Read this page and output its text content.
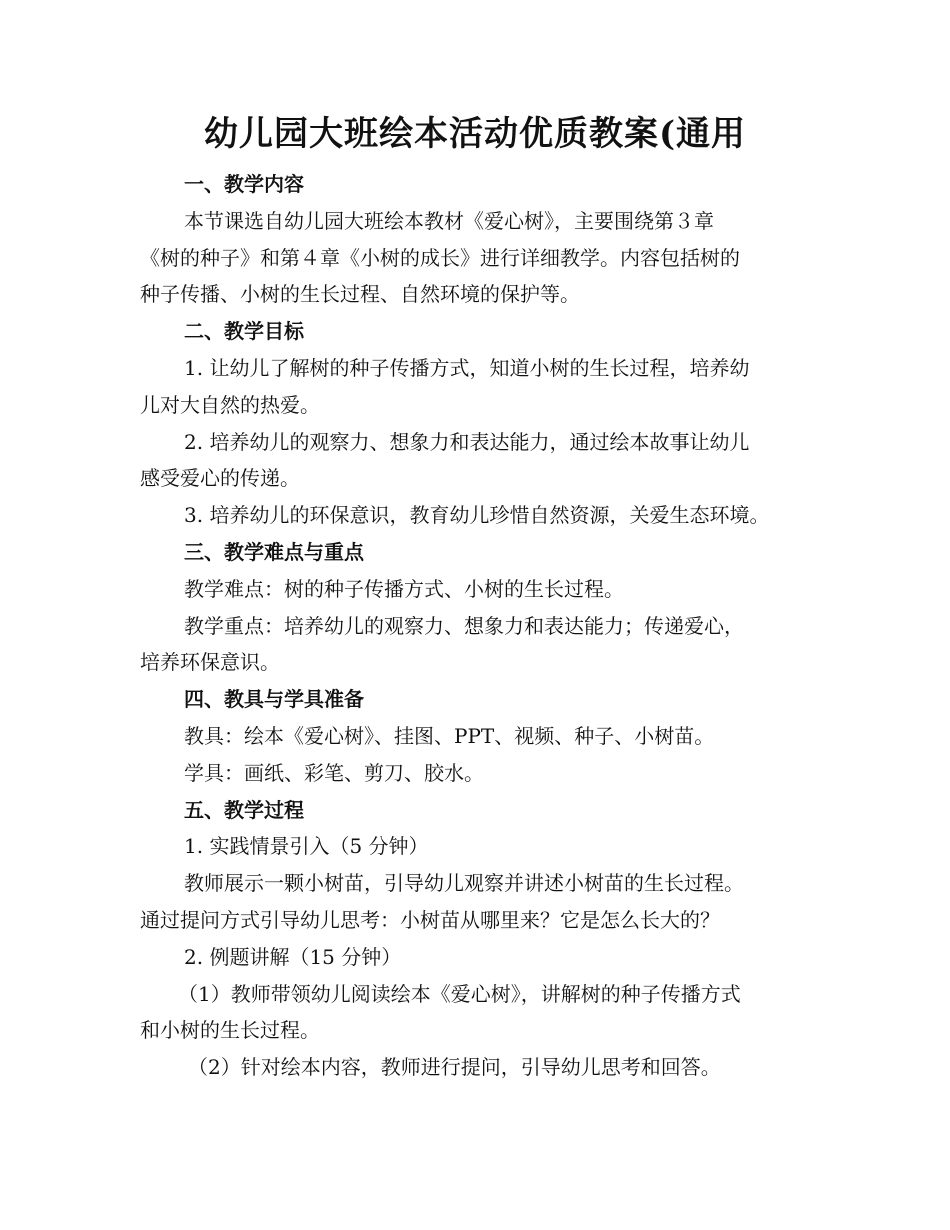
幼儿园大班绘本活动优质教案(通用

一、教学内容

本节课选自幼儿园大班绘本教材《爱心树》，主要围绕第３章

《树的种子》和第４章《小树的成长》进行详细教学。内容包括树的

种子传播、小树的生长过程、自然环境的保护等。

二、教学目标

1. 让幼儿了解树的种子传播方式，知道小树的生长过程，培养幼

儿对大自然的热爱。

2. 培养幼儿的观察力、想象力和表达能力，通过绘本故事让幼儿

感受爱心的传递。

3. 培养幼儿的环保意识，教育幼儿珍惜自然资源，关爱生态环境。

三、教学难点与重点

教学难点：树的种子传播方式、小树的生长过程。

教学重点：培养幼儿的观察力、想象力和表达能力；传递爱心，

培养环保意识。

四、教具与学具准备

教具：绘本《爱心树》、挂图、PPT、视频、种子、小树苗。

学具：画纸、彩笔、剪刀、胶水。

五、教学过程

1. 实践情景引入（5 分钟）

教师展示一颗小树苗，引导幼儿观察并讲述小树苗的生长过程。

通过提问方式引导幼儿思考：小树苗从哪里来？它是怎么长大的？

2. 例题讲解（15 分钟）

（1）教师带领幼儿阅读绘本《爱心树》，讲解树的种子传播方式

和小树的生长过程。

（2）针对绘本内容，教师进行提问，引导幼儿思考和回答。
